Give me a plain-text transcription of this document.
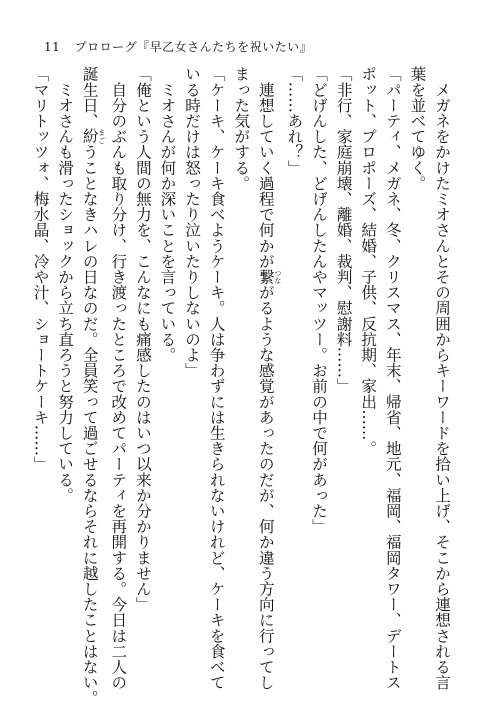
11 プロローグ『早乙女さんたちを祝いたい』
　メガネをかけたミオさんとその周囲からキーワードを拾い上げ、そこから連想される言
葉を並べてゆく。
「パーティ、メガネ、冬、クリスマス、年末、帰省、地元、福岡、福岡タワー、デートス
ポット、プロポーズ、結婚、子供、反抗期、家出……。
「非行、家庭崩壊、離婚、裁判、慰謝料……」
「どげんした、どげんしたんやマッツー。お前の中で何があった」
「……あれ？」
　連想していく過程で何かが繋 つながるような感覚があったのだが、何か違う方向に行ってし
まった気がする。
「ケーキ、ケーキ食べようケーキ。人は争わずには生きられないけれど、ケーキを食べて
いる時だけは怒ったり泣いたりしないのよ」
　ミオさんが何か深いことを言っている。
「俺という人間の無力を、こんなにも痛感したのはいつ以来か分かりません」
　自分のぶんも取り分け、行き渡ったところで改めてパーティを再開する。今日は二人の
誕生日、紛 まごうことなきハレの日なのだ。全員笑って過ごせるならそれに越したことはない。
　ミオさんも滑ったショックから立ち直ろうと努力している。
「マリトッツォ、梅水晶、冷や汁、ショートケーキ……」
